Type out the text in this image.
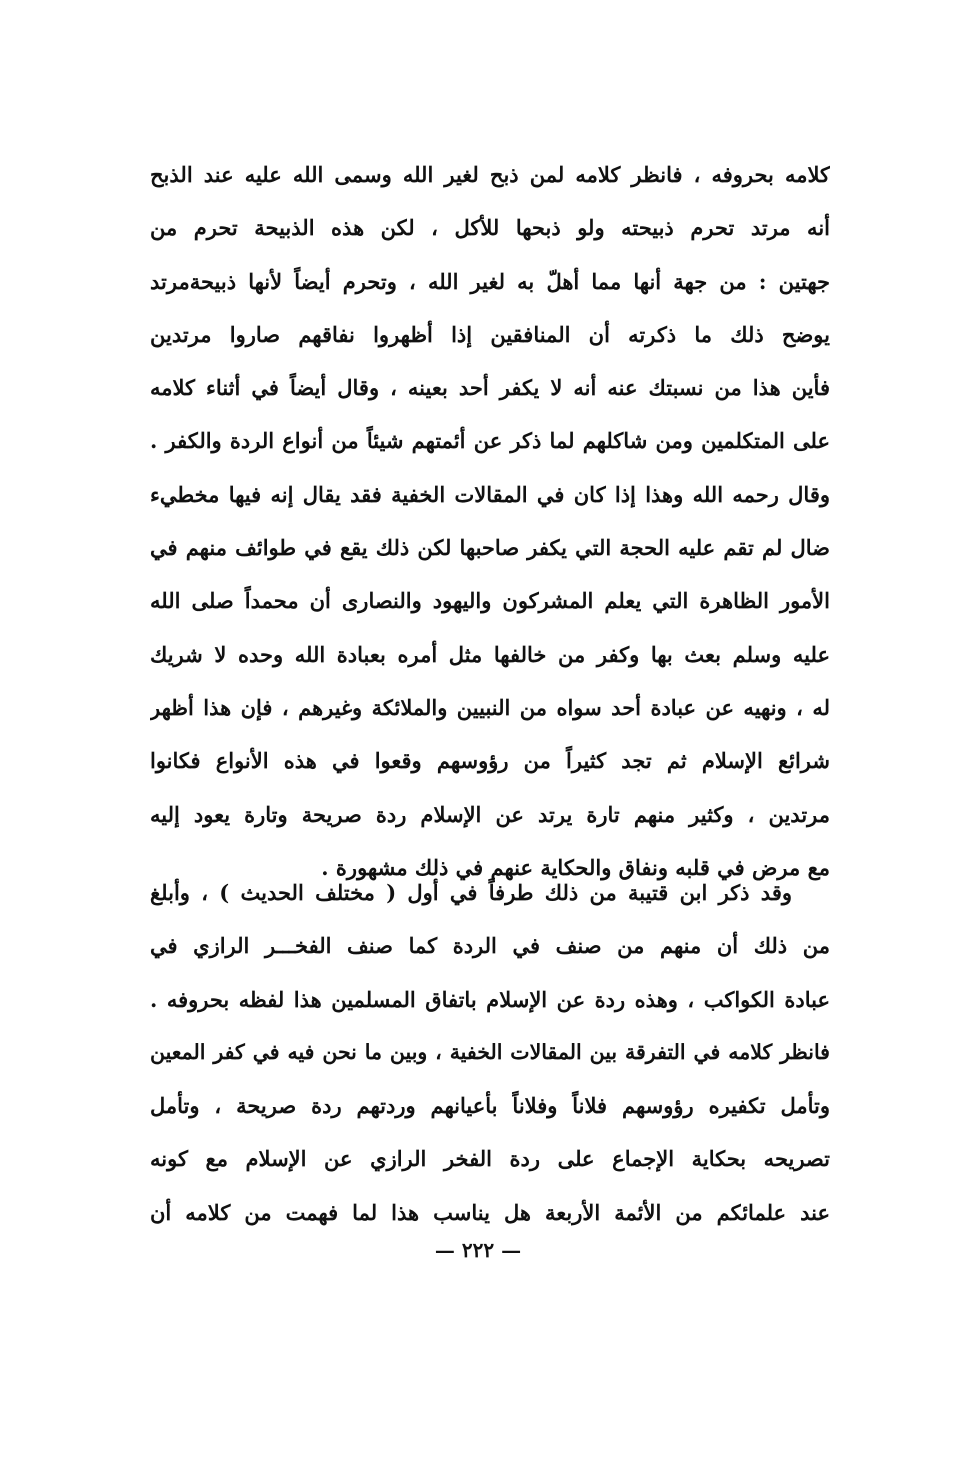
كلامه بحروفه ، فانظر كلامه لمن ذبح لغير الله وسمى الله عليه عند الذبح
أنه مرتد تحرم ذبيحته ولو ذبحها للأكل ، لكن هذه الذبيحة تحرم من
جهتين : من جهة أنها مما أهلّ به لغير الله ، وتحرم أيضاً لأنها ذبيحةمرتد
يوضح ذلك ما ذكرته أن المنافقين إذا أظهروا نفاقهم صاروا مرتدين
فأين هذا من نسبتك عنه أنه لا يكفر أحد بعينه ، وقال أيضاً في أثناء كلامه
على المتكلمين ومن شاكلهم لما ذكر عن أئمتهم شيئاً من أنواع الردة والكفر .
وقال رحمه الله وهذا إذا كان في المقالات الخفية فقد يقال إنه فيها مخطيء
ضال لم تقم عليه الحجة التي يكفر صاحبها لكن ذلك يقع في طوائف منهم في
الأمور الظاهرة التي يعلم المشركون واليهود والنصارى أن محمداً صلى الله
عليه وسلم بعث بها وكفر من خالفها مثل أمره بعبادة الله وحده لا شريك
له ، ونهيه عن عبادة أحد سواه من النبيين والملائكة وغيرهم ، فإن هذا أظهر
شرائع الإسلام ثم تجد كثيراً من رؤوسهم وقعوا في هذه الأنواع فكانوا
مرتدين ، وكثير منهم تارة يرتد عن الإسلام ردة صريحة وتارة يعود إليه
مع مرض في قلبه ونفاق والحكاية عنهم في ذلك مشهورة .
وقد ذكر ابن قتيبة من ذلك طرفاً في أول ( مختلف الحديث ) ، وأبلغ
من ذلك أن منهم من صنف في الردة كما صنف الفخـــر الرازي في
عبادة الكواكب ، وهذه ردة عن الإسلام باتفاق المسلمين هذا لفظه بحروفه .
فانظر كلامه في التفرقة بين المقالات الخفية ، وبين ما نحن فيه في كفر المعين
وتأمل تكفيره رؤوسهم فلاناً وفلاناً بأعيانهم وردتهم ردة صريحة ، وتأمل
تصريحه بحكاية الإجماع على ردة الفخر الرازي عن الإسلام مع كونه
عند علمائكم من الأئمة الأربعة هل يناسب هذا لما فهمت من كلامه أن
— ٢٢٢ —
